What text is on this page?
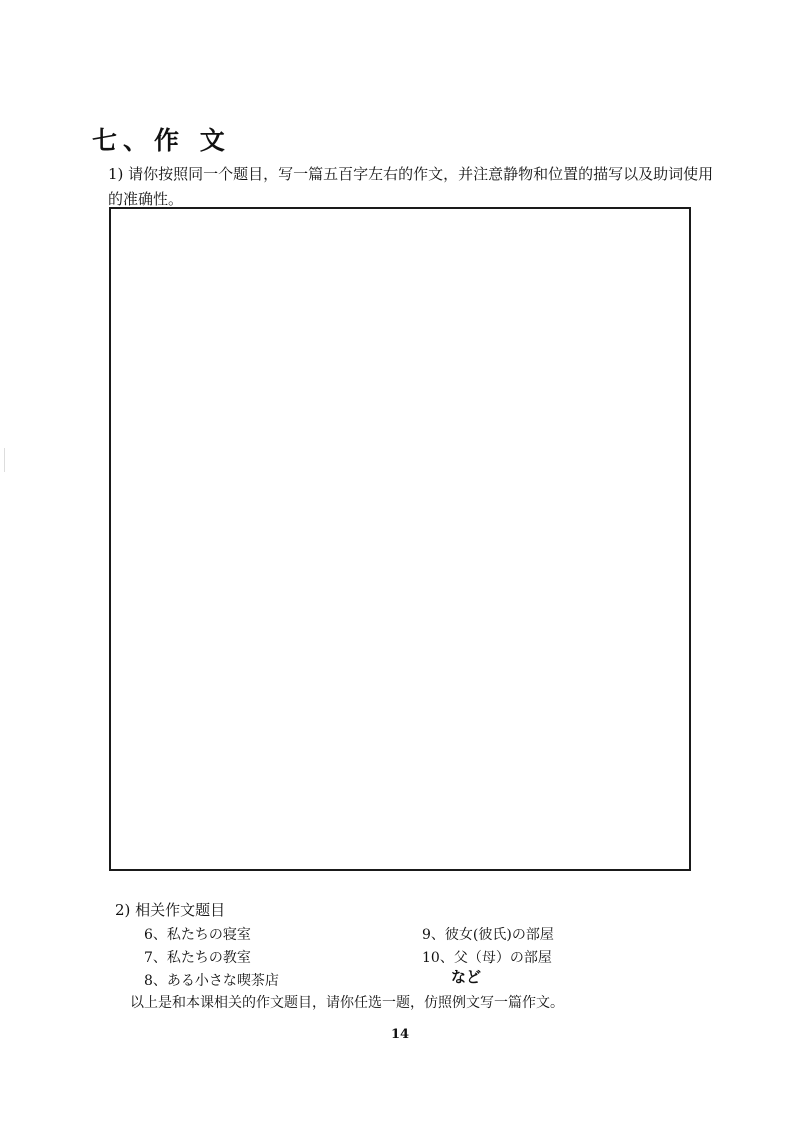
七、作 文
1) 请你按照同一个题目，写一篇五百字左右的作文，并注意静物和位置的描写以及助词使用的准确性。
2) 相关作文题目
6、私たちの寝室
7、私たちの教室
8、ある小さな喫茶店
9、彼女(彼氏)の部屋
10、父（母）の部屋
など
以上是和本课相关的作文题目，请你任选一题，仿照例文写一篇作文。
14
